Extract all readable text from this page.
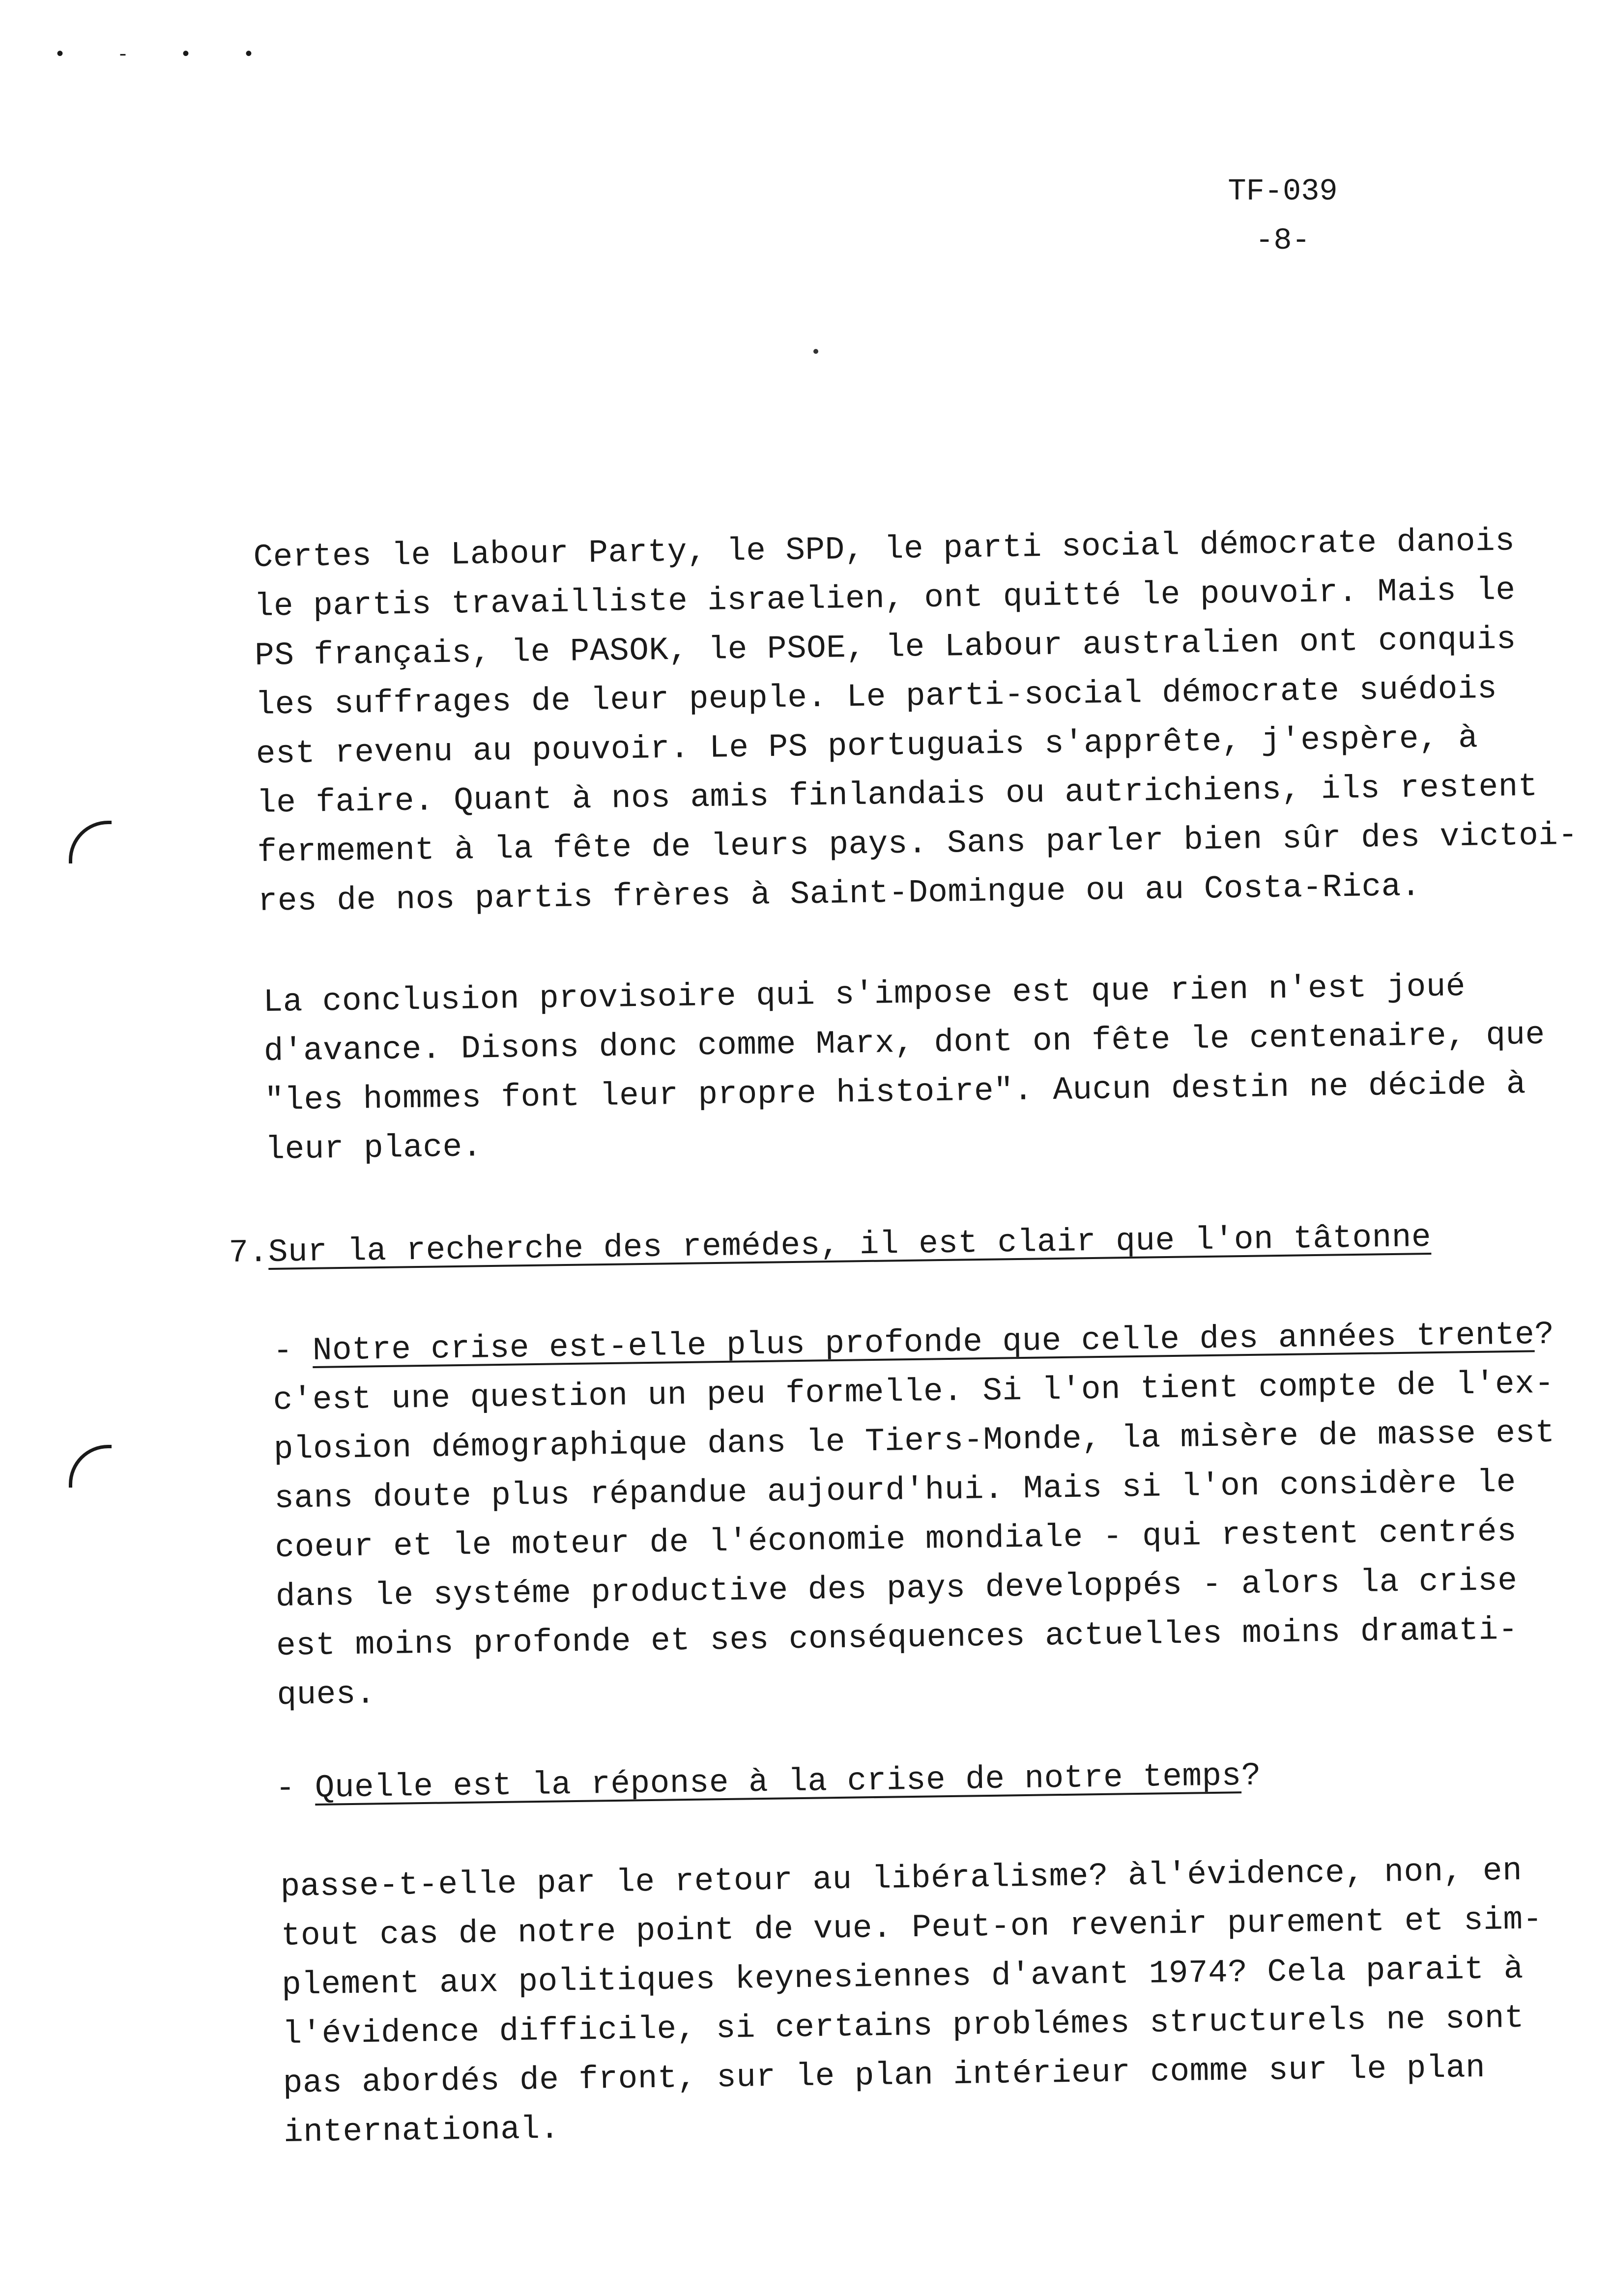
• - • •
TF-039
-8-
Certes le Labour Party, le SPD, le parti social démocrate danois
le partis travailliste israelien, ont quitté le pouvoir. Mais le
PS français, le PASOK, le PSOE, le Labour australien ont conquis
les suffrages de leur peuple. Le parti-social démocrate suédois
est revenu au pouvoir. Le PS portuguais s'apprête, j'espère, à
le faire. Quant à nos amis finlandais ou autrichiens, ils restent
fermement à la fête de leurs pays. Sans parler bien sûr des victoi-
res de nos partis frères à Saint-Domingue ou au Costa-Rica.
La conclusion provisoire qui s'impose est que rien n'est joué
d'avance. Disons donc comme Marx, dont on fête le centenaire, que
"les hommes font leur propre histoire". Aucun destin ne décide à
leur place.
7.Sur la recherche des remédes, il est clair que l'on tâtonne
- Notre crise est-elle plus profonde que celle des années trente?
c'est une question un peu formelle. Si l'on tient compte de l'ex-
plosion démographique dans le Tiers-Monde, la misère de masse est
sans doute plus répandue aujourd'hui. Mais si l'on considère le
coeur et le moteur de l'économie mondiale - qui restent centrés
dans le systéme productive des pays developpés - alors la crise
est moins profonde et ses conséquences actuelles moins dramati-
ques.
- Quelle est la réponse à la crise de notre temps?
passe-t-elle par le retour au libéralisme? àl'évidence, non, en
tout cas de notre point de vue. Peut-on revenir purement et sim-
plement aux politiques keynesiennes d'avant 1974? Cela parait à
l'évidence difficile, si certains problémes structurels ne sont
pas abordés de front, sur le plan intérieur comme sur le plan
international.
